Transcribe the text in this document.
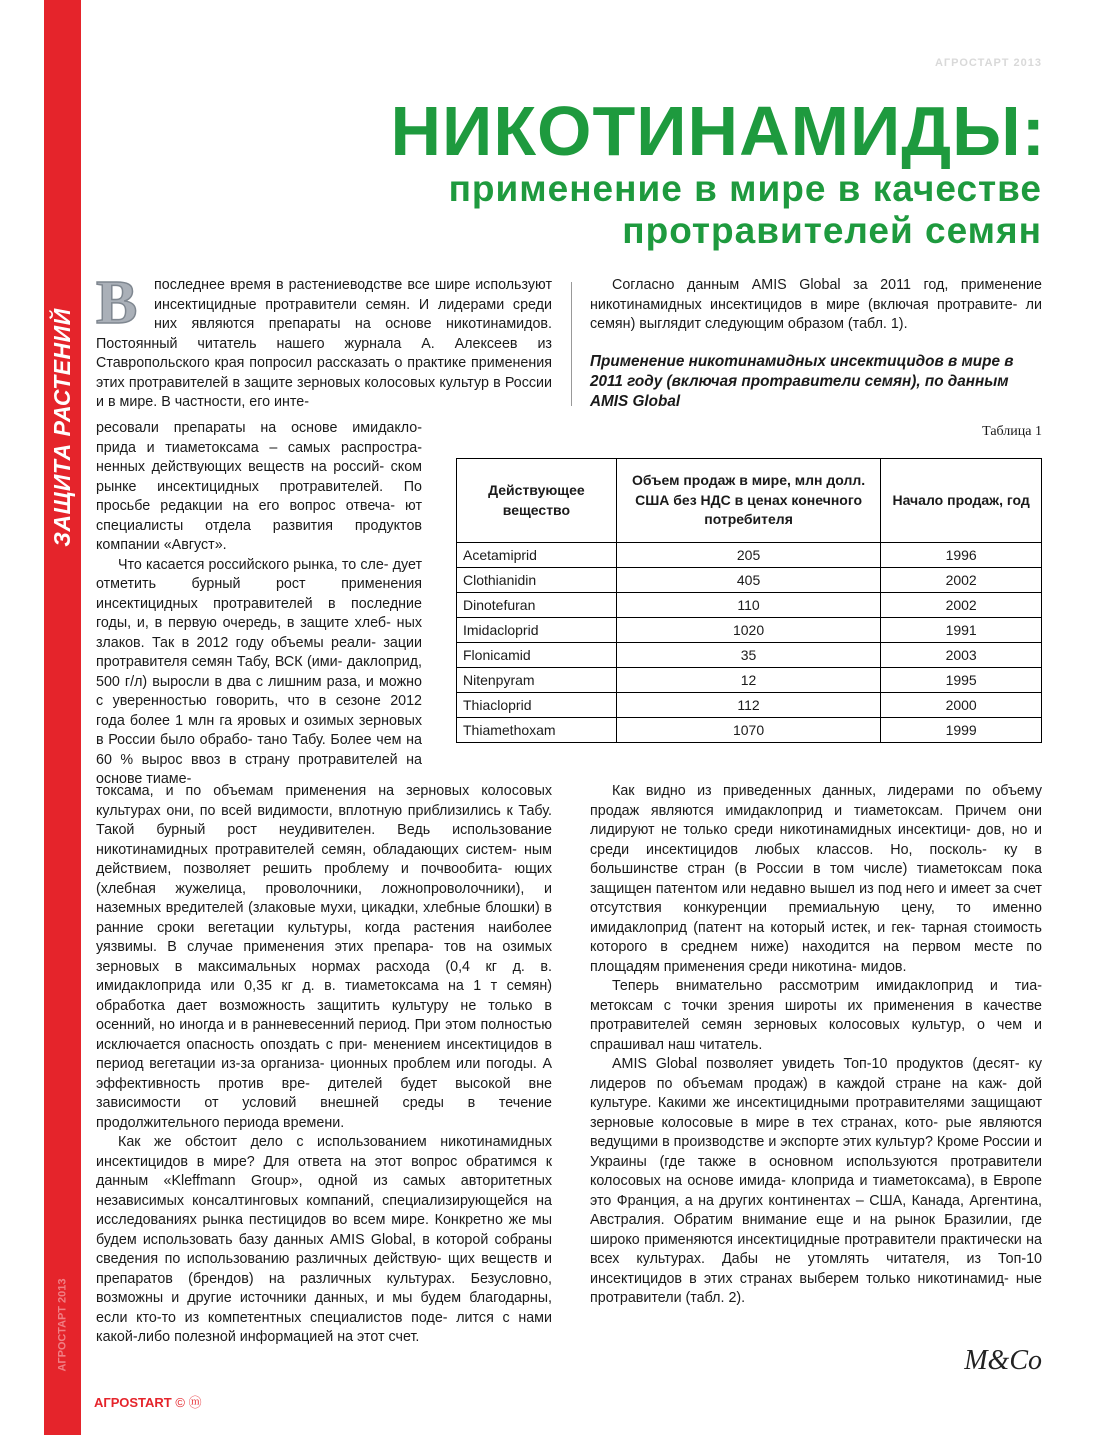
ЗАЩИТА РАСТЕНИЙ
АГРОСТАРТ 2013
АГРОСТАРТ 2013
НИКОТИНАМИДЫ:
применение в мире в качестве
протравителей семян

В	последнее время в растениеводстве все шире используют инсектицидные протравители семян. И лидерами среди них являются препараты на основе никотинамидов. Постоянный читатель нашего журнала А. Алексеев из Ставропольского края попросил рассказать о практике применения этих протравителей в защите зерновых колосовых культур в России и в мире. В частности, его инте-

Согласно данным AMIS Global за 2011 год, применение никотинамидных инсектицидов в мире (включая протравите- ли семян) выглядит следующим образом (табл. 1).

Применение никотинамидных инсектицидов в мире в 2011 году (включая протравители семян), по данным AMIS Global
Таблица 1
Действующее вещество	Объем продаж в мире, млн долл. США без НДС в ценах конечного потребителя	Начало продаж, год
Acetamiprid	205	1996
Clothianidin	405	2002
Dinotefuran	110	2002
Imidacloprid	1020	1991
Flonicamid	35	2003
Nitenpyram	12	1995
Thiacloprid	112	2000
Thiamethoxam	1070	1999

ресовали препараты на основе имидакло- прида и тиаметоксама – самых распростра- ненных действующих веществ на россий- ском рынке инсектицидных протравителей. По просьбе редакции на его вопрос отвеча- ют специалисты отдела развития продуктов компании «Август».

Что касается российского рынка, то сле- дует отметить бурный рост применения инсектицидных протравителей в последние годы, и, в первую очередь, в защите хлеб- ных злаков. Так в 2012 году объемы реали- зации протравителя семян Табу, ВСК (ими- даклоприд, 500 г/л) выросли в два с лишним раза, и можно с уверенностью говорить, что в сезоне 2012 года более 1 млн га яровых и озимых зерновых в России было обрабо- тано Табу. Более чем на 60 % вырос ввоз в страну протравителей на основе тиаме-

токсама, и по объемам применения на зерновых колосовых культурах они, по всей видимости, вплотную приблизились к Табу. Такой бурный рост неудивителен. Ведь использование никотинамидных протравителей семян, обладающих систем- ным действием, позволяет решить проблему и почвообита- ющих (хлебная жужелица, проволочники, ложнопроволочники), и наземных вредителей (злаковые мухи, цикадки, хлебные блошки) в ранние сроки вегетации культуры, когда растения наиболее уязвимы. В случае применения этих препара- тов на озимых зерновых в максимальных нормах расхода (0,4 кг д. в. имидаклоприда или 0,35 кг д. в. тиаметоксама на 1 т семян) обработка дает возможность защитить культуру не только в осенний, но иногда и в ранневесенний период. При этом полностью исключается опасность опоздать с при- менением инсектицидов в период вегетации из-за организа- ционных проблем или погоды. А эффективность против вре- дителей будет высокой вне зависимости от условий внешней среды в течение продолжительного периода времени.

Как же обстоит дело с использованием никотинамидных инсектицидов в мире? Для ответа на этот вопрос обратимся к данным «Kleffmann Group», одной из самых авторитетных независимых консалтинговых компаний, специализирующейся на исследованиях рынка пестицидов во всем мире. Конкретно же мы будем использовать базу данных AMIS Global, в которой собраны сведения по использованию различных действую- щих веществ и препаратов (брендов) на различных культурах. Безусловно, возможны и другие источники данных, и мы будем благодарны, если кто-то из компетентных специалистов поде- лится с нами какой-либо полезной информацией на этот счет.

Как видно из приведенных данных, лидерами по объему продаж являются имидаклоприд и тиаметоксам. Причем они лидируют не только среди никотинамидных инсектици- дов, но и среди инсектицидов любых классов. Но, посколь- ку в большинстве стран (в России в том числе) тиаметоксам пока защищен патентом или недавно вышел из под него и имеет за счет отсутствия конкуренции премиальную цену, то именно имидаклоприд (патент на который истек, и гек- тарная стоимость которого в среднем ниже) находится на первом месте по площадям применения среди никотина- мидов.

Теперь внимательно рассмотрим имидаклоприд и тиа- метоксам с точки зрения широты их применения в качестве протравителей семян зерновых колосовых культур, о чем и спрашивал наш читатель.

AMIS Global позволяет увидеть Топ-10 продуктов (десят- ку лидеров по объемам продаж) в каждой стране на каж- дой культуре. Какими же инсектицидными протравителями защищают зерновые колосовые в мире в тех странах, кото- рые являются ведущими в производстве и экспорте этих культур? Кроме России и Украины (где также в основном используются протравители колосовых на основе имида- клоприда и тиаметоксама), в Европе это Франция, а на других континентах – США, Канада, Аргентина, Австралия. Обратим внимание еще и на рынок Бразилии, где широко применяются инсектицидные протравители практически на всех культурах. Дабы не утомлять читателя, из Топ-10 инсектицидов в этих странах выберем только никотинамид- ные протравители (табл. 2).

M&Co
АГРОSTART © ⓜ
